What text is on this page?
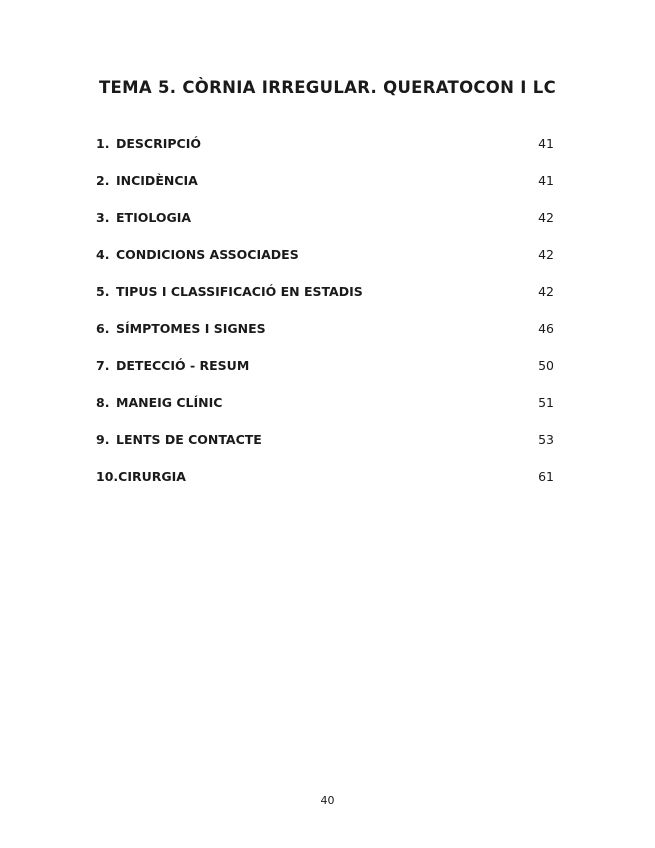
TEMA 5. CÒRNIA IRREGULAR. QUERATOCON I LC
1. DESCRIPCIÓ	41
2. INCIDÈNCIA	41
3. ETIOLOGIA	42
4. CONDICIONS ASSOCIADES	42
5. TIPUS I CLASSIFICACIÓ EN ESTADIS	42
6. SÍMPTOMES I SIGNES	46
7. DETECCIÓ - RESUM	50
8. MANEIG CLÍNIC	51
9. LENTS DE CONTACTE	53
10. CIRURGIA	61
40
